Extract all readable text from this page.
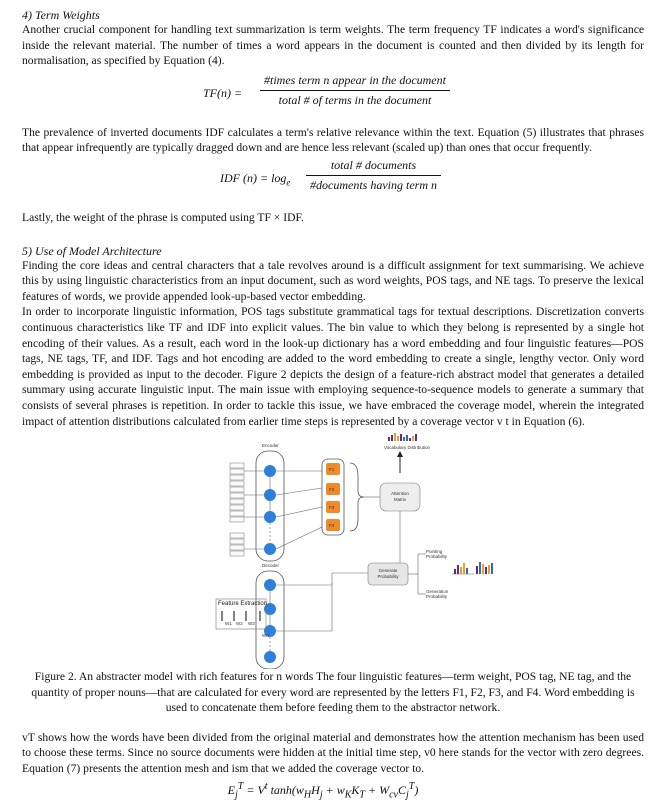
4) Term Weights

Another crucial component for handling text summarization is term weights. The term frequency TF indicates a word's significance inside the relevant material. The number of times a word appears in the document is counted and then divided by its length for normalisation, as specified by Equation (4).

TF(n) =
#times term n appear in the document
total # of terms in the document

The prevalence of inverted documents IDF calculates a term's relative relevance within the text. Equation (5) illustrates that phrases that appear infrequently are typically dragged down and are hence less relevant (scaled up) than ones that occur frequently.

IDF $(n) = \log_e$
total # documents
#documents having term n

Lastly, the weight of the phrase is computed using TF × IDF.

5) Use of Model Architecture

Finding the core ideas and central characters that a tale revolves around is a difficult assignment for text summarising. We achieve this by using linguistic characteristics from an input document, such as word weights, POS tags, and NE tags. To preserve the lexical features of words, we provide appended look-up-based vector embedding.

In order to incorporate linguistic information, POS tags substitute grammatical tags for textual descriptions. Discretization converts continuous characteristics like TF and IDF into explicit values. The bin value to which they belong is represented by a single hot encoding of their values. As a result, each word in the look-up dictionary has a word embedding and four linguistic features—POS tags, NE tags, TF, and IDF. Tags and hot encoding are added to the word embedding to create a single, lengthy vector. Only word embedding is provided as input to the decoder. Figure 2 depicts the design of a feature-rich abstract model that generates a detailed summary using accurate linguistic input. The main issue with employing sequence-to-sequence models to generate a summary that consists of several phrases is repetition. In order to tackle this issue, we have embraced the coverage model, wherein the integrated impact of attention distributions calculated from earlier time steps is represented by a coverage vector v t in Equation (6).

Encoder
F1
F2
F3
F4
Attention Matrix
Vocabulary Distribution
Decoder
Generate Probability
Pointing Probability
Generation Probability
Feature Extraction
W1 W2 W3
Wn

Figure 2. An abstracter model with rich features for n words The four linguistic features—term weight, POS tag, NE tag, and the quantity of proper nouns—that are calculated for every word are represented by the letters F1, F2, F3, and F4. Word embedding is used to concatenate them before feeding them to the abstractor network.

vT shows how the words have been divided from the original material and demonstrates how the attention mechanism has been used to choose these terms. Since no source documents were hidden at the initial time step, v0 here stands for the vector with zero degrees. Equation (7) presents the attention mesh and ism that we added the coverage vector to.

$E_j^T = V^t$ $\tanh(w_HH_j + w_KK_T + W_{cv}C_j^T)$
